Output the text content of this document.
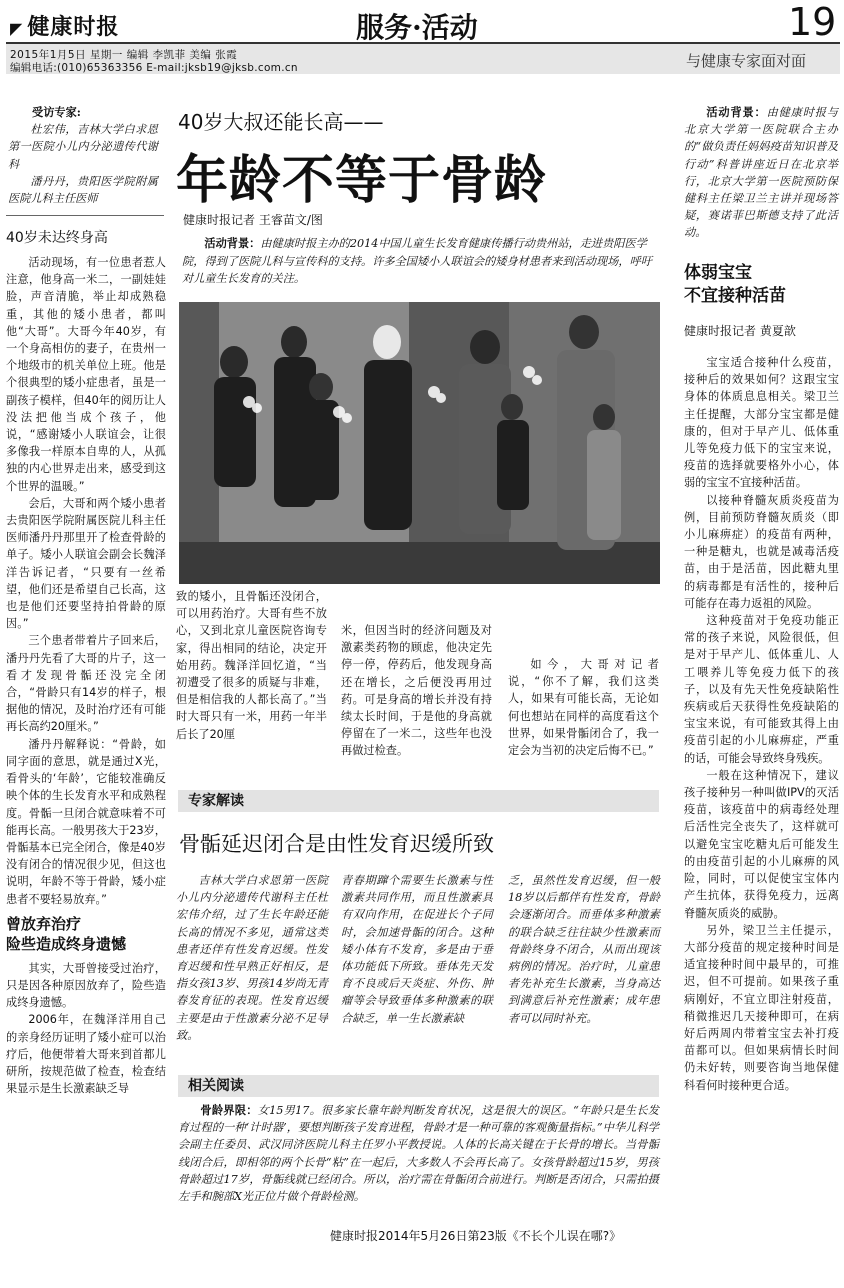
◤ 健康时报	服务·活动	19
2015年1月5日 星期一 编辑 李凯菲 美编 张霞
编辑电话:(010)65363356 E-mail:jksb19@jksb.com.cn	与健康专家面对面
受访专家:

杜宏伟，吉林大学白求恩第一医院小儿内分泌遗传代谢科

潘丹丹，贵阳医学院附属医院儿科主任医师

40岁未达终身高

活动现场，有一位患者惹人注意，他身高一米二，一副娃娃脸，声音清脆，举止却成熟稳重，其他的矮小患者，都叫他“大哥”。大哥今年40岁，有一个身高相仿的妻子，在贵州一个地级市的机关单位上班。他是个很典型的矮小症患者，虽是一副孩子模样，但40年的阅历让人没法把他当成个孩子，他说，“感谢矮小人联谊会，让很多像我一样原本自卑的人，从孤独的内心世界走出来，感受到这个世界的温暖。”

会后，大哥和两个矮小患者去贵阳医学院附属医院儿科主任医师潘丹丹那里开了检查骨龄的单子。矮小人联谊会副会长魏泽洋告诉记者，“只要有一丝希望，他们还是希望自己长高，这也是他们还要坚持拍骨龄的原因。”

三个患者带着片子回来后，潘丹丹先看了大哥的片子，这一看才发现骨骺还没完全闭合，“骨龄只有14岁的样子，根据他的情况，及时治疗还有可能再长高约20厘米。”

潘丹丹解释说：“骨龄，如同字面的意思，就是通过X光，看骨头的‘年龄’，它能较准确反映个体的生长发育水平和成熟程度。骨骺一旦闭合就意味着不可能再长高。一般男孩大于23岁，骨骺基本已完全闭合，像是40岁没有闭合的情况很少见，但这也说明，年龄不等于骨龄，矮小症患者不要轻易放弃。”

曾放弃治疗
险些造成终身遗憾

其实，大哥曾接受过治疗，只是因各种原因放弃了，险些造成终身遗憾。

2006年，在魏泽洋用自己的亲身经历证明了矮小症可以治疗后，他便带着大哥来到首都儿研所，按规范做了检查，检查结果显示是生长激素缺乏导

40岁大叔还能长高——
年龄不等于骨龄
健康时报记者 王睿苗文/图
活动背景：由健康时报主办的2014中国儿童生长发育健康传播行动贵州站，走进贵阳医学院，得到了医院儿科与宣传科的支持。许多全国矮小人联谊会的矮身材患者来到活动现场，呼吁对儿童生长发育的关注。

致的矮小，且骨骺还没闭合，可以用药治疗。大哥有些不放心，又到北京儿童医院咨询专家，得出相同的结论，决定开始用药。魏泽洋回忆道，“当初遭受了很多的质疑与非难，但是相信我的人都长高了。”当时大哥只有一米，用药一年半后长了20厘

米，但因当时的经济问题及对激素类药物的顾虑，他决定先停一停，停药后，他发现身高还在增长，之后便没再用过药。可是身高的增长并没有持续太长时间，于是他的身高就停留在了一米二，这些年也没再做过检查。

如今，大哥对记者说，“你不了解，我们这类人，如果有可能长高，无论如何也想站在同样的高度看这个世界，如果骨骺闭合了，我一定会为当初的决定后悔不已。”

专家解读
骨骺延迟闭合是由性发育迟缓所致

吉林大学白求恩第一医院小儿内分泌遗传代谢科主任杜宏伟介绍，过了生长年龄还能长高的情况不多见，通常这类患者还伴有性发育迟缓。性发育迟缓和性早熟正好相反，是指女孩13岁、男孩14岁尚无青春发育征的表现。性发育迟缓主要是由于性激素分泌不足导致。

青春期蹿个需要生长激素与性激素共同作用，而且性激素具有双向作用，在促进长个子同时，会加速骨骺的闭合。这种矮小体有不发育，多是由于垂体功能低下所致。垂体先天发育不良或后天炎症、外伤、肿瘤等会导致垂体多种激素的联合缺乏，单一生长激素缺

乏，虽然性发育迟缓，但一般18岁以后都伴有性发育，骨龄会逐渐闭合。而垂体多种激素的联合缺乏往往缺少性激素而骨龄终身不闭合，从而出现该病例的情况。治疗时，儿童患者先补充生长激素，当身高达到满意后补充性激素；成年患者可以同时补充。

相关阅读
骨龄界限：女15男17。很多家长靠年龄判断发育状况，这是很大的误区。“年龄只是生长发育过程的一种‘计时器’，要想判断孩子发育进程，骨龄才是一种可靠的客观衡量指标。”中华儿科学会副主任委员、武汉同济医院儿科主任罗小平教授说。人体的长高关键在于长骨的增长。当骨骺线闭合后，即相邻的两个长骨“粘”在一起后，大多数人不会再长高了。女孩骨龄超过15岁，男孩骨龄超过17岁，骨骺线就已经闭合。所以，治疗需在骨骺闭合前进行。判断是否闭合，只需拍摄左手和腕部X光正位片做个骨龄检测。
健康时报2014年5月26日第23版《不长个儿误在哪?》

活动背景：由健康时报与北京大学第一医院联合主办的“做负责任妈妈疫苗知识普及行动”科普讲座近日在北京举行，北京大学第一医院预防保健科主任梁卫兰主讲并现场答疑，赛诺菲巴斯德支持了此活动。

体弱宝宝
不宜接种活苗
健康时报记者 黄夏歆

宝宝适合接种什么疫苗，接种后的效果如何？这跟宝宝身体的体质息息相关。梁卫兰主任提醒，大部分宝宝都是健康的，但对于早产儿、低体重儿等免疫力低下的宝宝来说，疫苗的选择就要格外小心，体弱的宝宝不宜接种活苗。

以接种脊髓灰质炎疫苗为例，目前预防脊髓灰质炎（即小儿麻痹症）的疫苗有两种，一种是糖丸，也就是减毒活疫苗，由于是活苗，因此糖丸里的病毒都是有活性的，接种后可能存在毒力返祖的风险。

这种疫苗对于免疫功能正常的孩子来说，风险很低，但是对于早产儿、低体重儿、人工喂养儿等免疫力低下的孩子，以及有先天性免疫缺陷性疾病或后天获得性免疫缺陷的宝宝来说，有可能致其得上由疫苗引起的小儿麻痹症，严重的话，可能会导致终身残疾。

一般在这种情况下，建议孩子接种另一种叫做IPV的灭活疫苗，该疫苗中的病毒经处理后活性完全丧失了，这样就可以避免宝宝吃糖丸后可能发生的由疫苗引起的小儿麻痹的风险，同时，可以促使宝宝体内产生抗体，获得免疫力，远离脊髓灰质炎的威胁。

另外，梁卫兰主任提示，大部分疫苗的规定接种时间是适宜接种时间中最早的，可推迟，但不可提前。如果孩子重病刚好，不宜立即注射疫苗，稍微推迟几天接种即可，在病好后两周内带着宝宝去补打疫苗都可以。但如果病情长时间仍未好转，则要咨询当地保健科看何时接种更合适。
